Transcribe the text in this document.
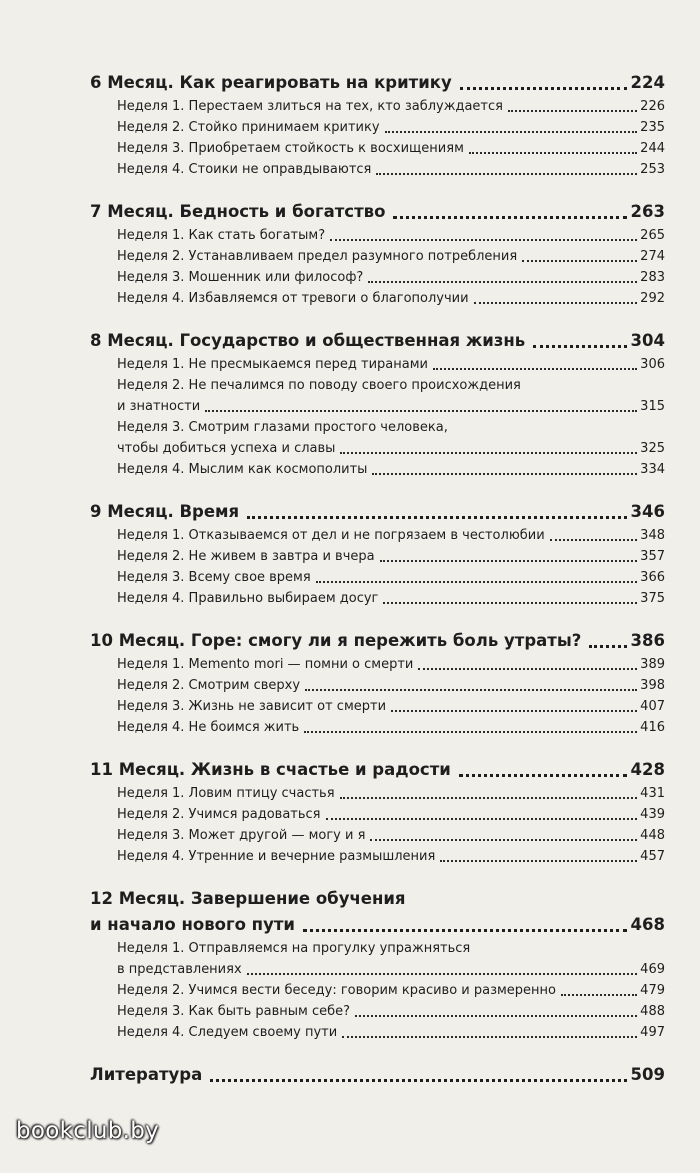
6 Месяц. Как реагировать на критику	224
Неделя 1. Перестаем злиться на тех, кто заблуждается	226
Неделя 2. Стойко принимаем критику	235
Неделя 3. Приобретаем стойкость к восхищениям	244
Неделя 4. Стоики не оправдываются	253
7 Месяц. Бедность и богатство	263
Неделя 1. Как стать богатым?	265
Неделя 2. Устанавливаем предел разумного потребления	274
Неделя 3. Мошенник или философ?	283
Неделя 4. Избавляемся от тревоги о благополучии	292
8 Месяц. Государство и общественная жизнь	304
Неделя 1. Не пресмыкаемся перед тиранами	306
Неделя 2. Не печалимся по поводу своего происхождения
и знатности	315
Неделя 3. Смотрим глазами простого человека,
чтобы добиться успеха и славы	325
Неделя 4. Мыслим как космополиты	334
9 Месяц. Время	346
Неделя 1. Отказываемся от дел и не погрязаем в честолюбии	348
Неделя 2. Не живем в завтра и вчера	357
Неделя 3. Всему свое время	366
Неделя 4. Правильно выбираем досуг	375
10 Месяц. Горе: смогу ли я пережить боль утраты?	386
Неделя 1. Memento mori — помни о смерти	389
Неделя 2. Смотрим сверху	398
Неделя 3. Жизнь не зависит от смерти	407
Неделя 4. Не боимся жить	416
11 Месяц. Жизнь в счастье и радости	428
Неделя 1. Ловим птицу счастья	431
Неделя 2. Учимся радоваться	439
Неделя 3. Может другой — могу и я	448
Неделя 4. Утренние и вечерние размышления	457
12 Месяц. Завершение обучения
и начало нового пути	468
Неделя 1. Отправляемся на прогулку упражняться
в представлениях	469
Неделя 2. Учимся вести беседу: говорим красиво и размеренно	479
Неделя 3. Как быть равным себе?	488
Неделя 4. Следуем своему пути	497
Литература	509
bookclub.by
